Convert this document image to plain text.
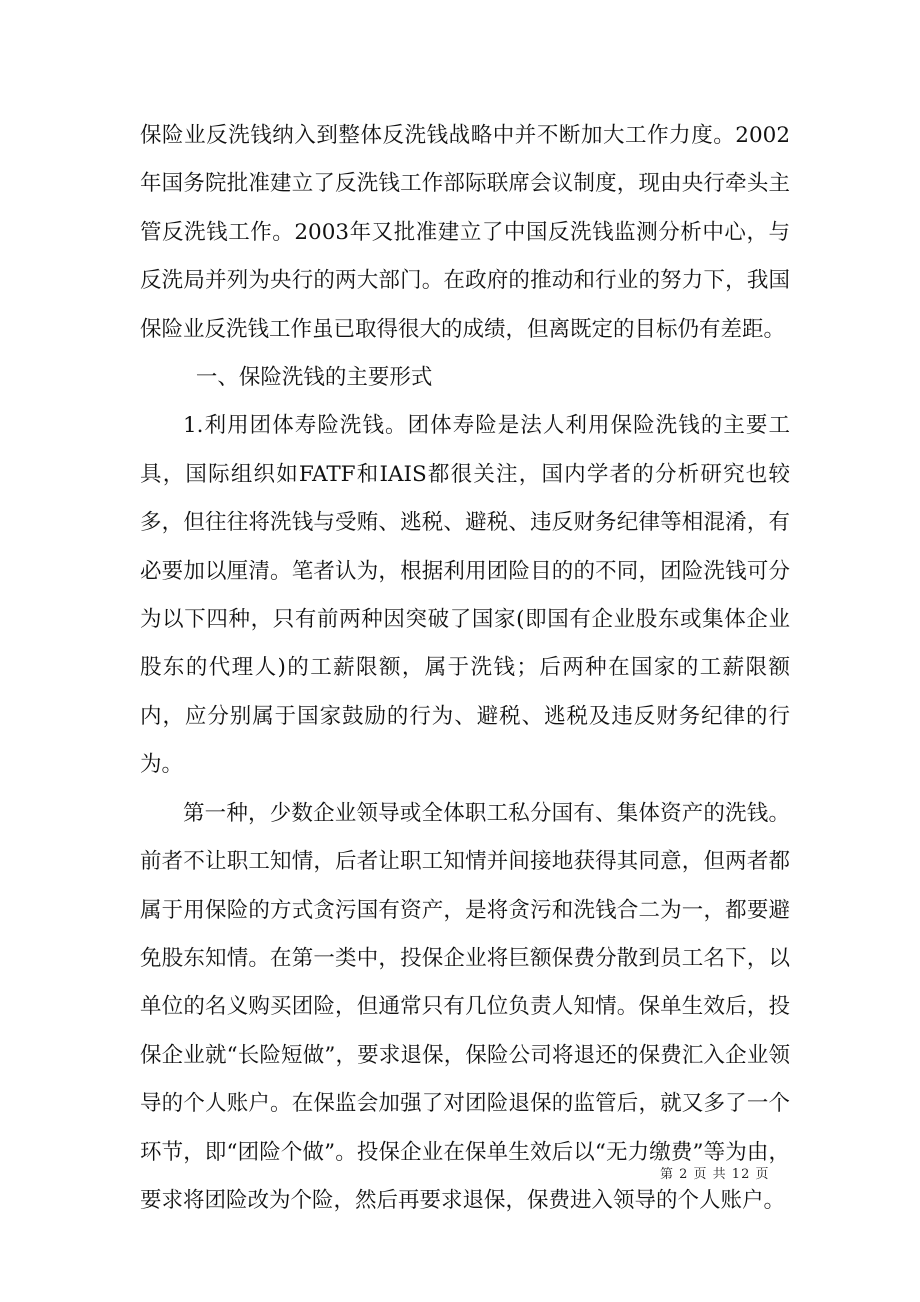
保险业反洗钱纳入到整体反洗钱战略中并不断加大工作力度。2002年国务院批准建立了反洗钱工作部际联席会议制度，现由央行牵头主管反洗钱工作。2003年又批准建立了中国反洗钱监测分析中心，与反洗局并列为央行的两大部门。在政府的推动和行业的努力下，我国保险业反洗钱工作虽已取得很大的成绩，但离既定的目标仍有差距。

一、保险洗钱的主要形式

1.利用团体寿险洗钱。团体寿险是法人利用保险洗钱的主要工具，国际组织如FATF和IAIS都很关注，国内学者的分析研究也较多，但往往将洗钱与受贿、逃税、避税、违反财务纪律等相混淆，有必要加以厘清。笔者认为，根据利用团险目的的不同，团险洗钱可分为以下四种，只有前两种因突破了国家(即国有企业股东或集体企业股东的代理人)的工薪限额，属于洗钱；后两种在国家的工薪限额内，应分别属于国家鼓励的行为、避税、逃税及违反财务纪律的行为。

第一种，少数企业领导或全体职工私分国有、集体资产的洗钱。前者不让职工知情，后者让职工知情并间接地获得其同意，但两者都属于用保险的方式贪污国有资产，是将贪污和洗钱合二为一，都要避免股东知情。在第一类中，投保企业将巨额保费分散到员工名下，以单位的名义购买团险，但通常只有几位负责人知情。保单生效后，投保企业就“长险短做”，要求退保，保险公司将退还的保费汇入企业领导的个人账户。在保监会加强了对团险退保的监管后，就又多了一个环节，即“团险个做”。投保企业在保单生效后以“无力缴费”等为由，要求将团险改为个险，然后再要求退保，保费进入领导的个人账户。

第 2 页 共 12 页
